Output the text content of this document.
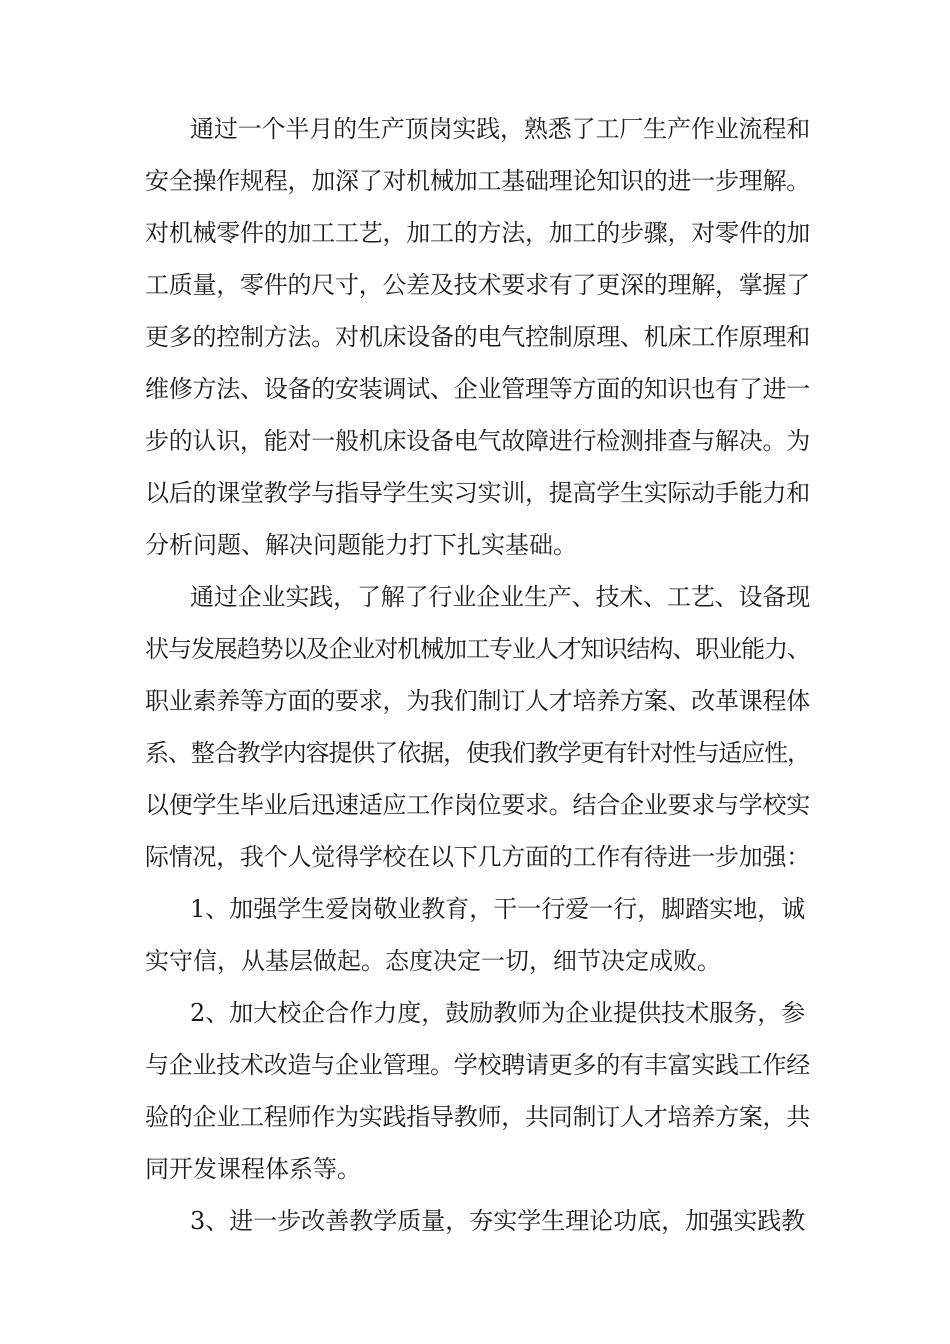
通过一个半月的生产顶岗实践，熟悉了工厂生产作业流程和
安全操作规程，加深了对机械加工基础理论知识的进一步理解。
对机械零件的加工工艺，加工的方法，加工的步骤，对零件的加
工质量，零件的尺寸，公差及技术要求有了更深的理解，掌握了
更多的控制方法。对机床设备的电气控制原理、机床工作原理和
维修方法、设备的安装调试、企业管理等方面的知识也有了进一
步的认识，能对一般机床设备电气故障进行检测排查与解决。为
以后的课堂教学与指导学生实习实训，提高学生实际动手能力和
分析问题、解决问题能力打下扎实基础。
通过企业实践，了解了行业企业生产、技术、工艺、设备现
状与发展趋势以及企业对机械加工专业人才知识结构、职业能力、
职业素养等方面的要求，为我们制订人才培养方案、改革课程体
系、整合教学内容提供了依据，使我们教学更有针对性与适应性，
以便学生毕业后迅速适应工作岗位要求。结合企业要求与学校实
际情况，我个人觉得学校在以下几方面的工作有待进一步加强：
1、加强学生爱岗敬业教育，干一行爱一行，脚踏实地，诚
实守信，从基层做起。态度决定一切，细节决定成败。
2、加大校企合作力度，鼓励教师为企业提供技术服务，参
与企业技术改造与企业管理。学校聘请更多的有丰富实践工作经
验的企业工程师作为实践指导教师，共同制订人才培养方案，共
同开发课程体系等。
3、进一步改善教学质量，夯实学生理论功底，加强实践教
